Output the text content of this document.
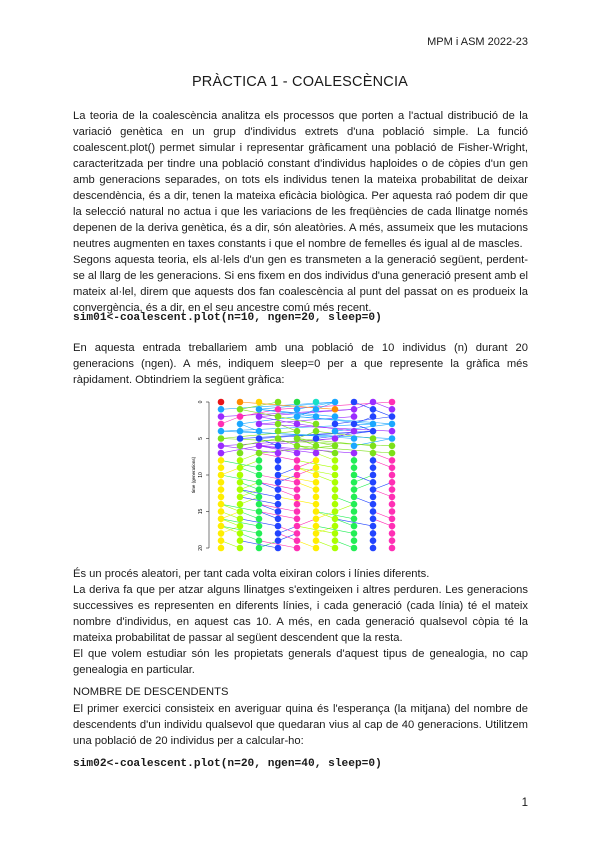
MPM i ASM 2022-23
PRÀCTICA 1 - COALESCÈNCIA

La teoria de la coalescència analitza els processos que porten a l'actual distribució de la variació genètica en un grup d'individus extrets d'una població simple. La funció coalescent.plot() permet simular i representar gràficament una població de Fisher-Wright, caracteritzada per tindre una població constant d'individus haploides o de còpies d'un gen amb generacions separades, on tots els individus tenen la mateixa probabilitat de deixar descendència, és a dir, tenen la mateixa eficàcia biològica. Per aquesta raó podem dir que la selecció natural no actua i que les variacions de les freqüències de cada llinatge només depenen de la deriva genètica, és a dir, són aleatòries. A més, assumeix que les mutacions neutres augmenten en taxes constants i que el nombre de femelles és igual al de mascles.

Segons aquesta teoria, els al·lels d'un gen es transmeten a la generació següent, perdent-se al llarg de les generacions. Si ens fixem en dos individus d'una generació present amb el mateix al·lel, direm que aquests dos fan coalescència al punt del passat on es produeix la convergència, és a dir, en el seu ancestre comú més recent.

sim01<-coalescent.plot(n=10, ngen=20, sleep=0)
En aquesta entrada treballariem amb una població de 10 individus (n) durant 20 generacions (ngen). A més, indiquem sleep=0 per a que represente la gràfica més ràpidament. Obtindriem la següent gràfica:
0
5
10
15
20
time (generations)

És un procés aleatori, per tant cada volta eixiran colors i línies diferents.

La deriva fa que per atzar alguns llinatges s'extingeixen i altres perduren. Les generacions successives es representen en diferents línies, i cada generació (cada línia) té el mateix nombre d'individus, en aquest cas 10. A més, en cada generació qualsevol còpia té la mateixa probabilitat de passar al següent descendent que la resta.

El que volem estudiar són les propietats generals d'aquest tipus de genealogia, no cap genealogia en particular.

NOMBRE DE DESCENDENTS
El primer exercici consisteix en averiguar quina és l'esperança (la mitjana) del nombre de descendents d'un individu qualsevol que quedaran vius al cap de 40 generacions. Utilitzem una població de 20 individus per a calcular-ho:
sim02<-coalescent.plot(n=20, ngen=40, sleep=0)
1
